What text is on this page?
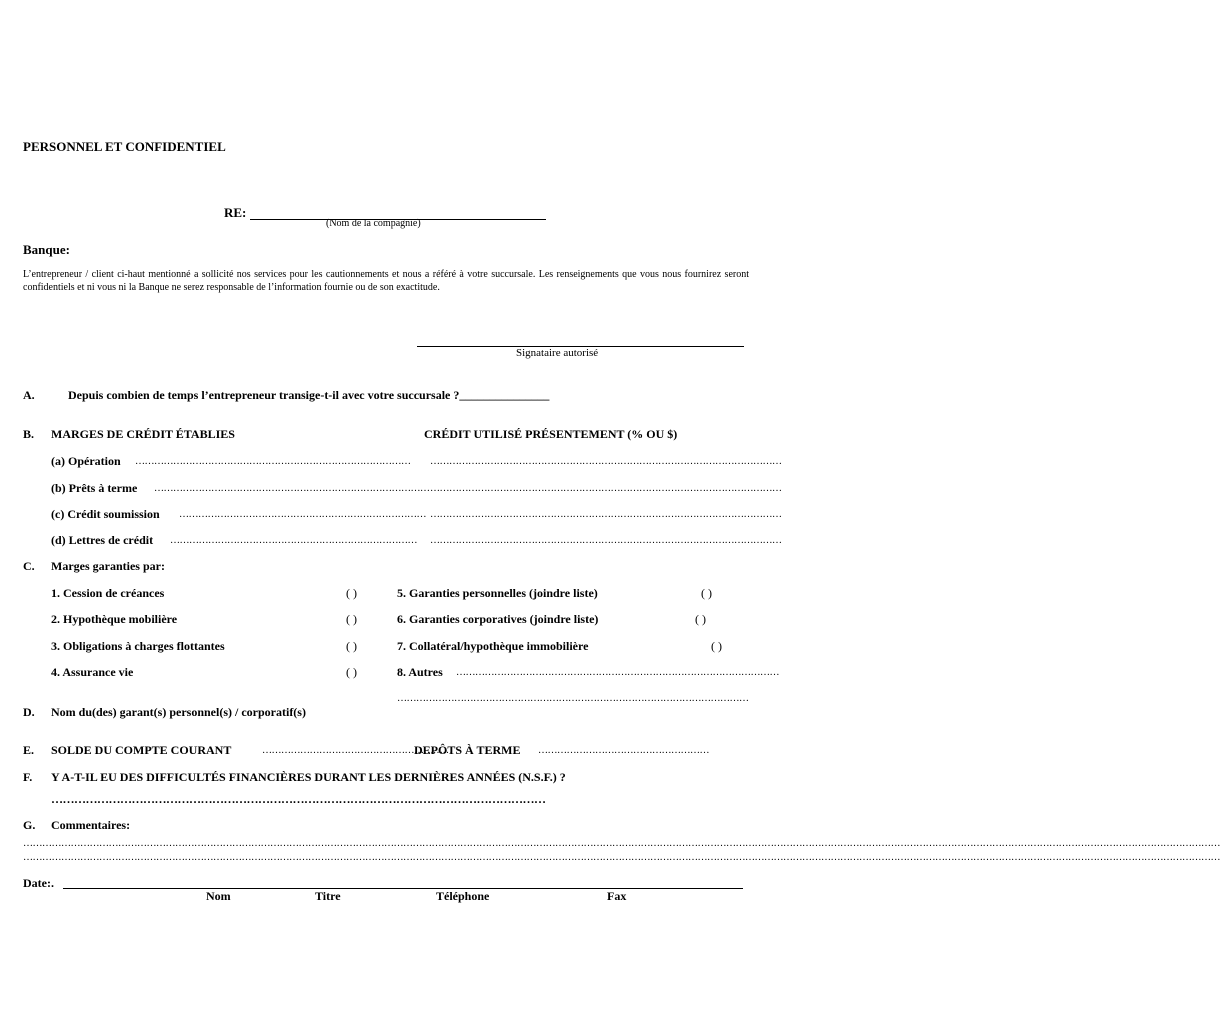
PERSONNEL ET CONFIDENTIEL
RE:
(Nom de la compagnie)
Banque:
L’entrepreneur / client ci-haut mentionné a sollicité nos services pour les cautionnements et nous a référé à votre succursale. Les renseignements que vous nous fournirez seront confidentiels et ni vous ni la Banque ne serez responsable de l’information fournie ou de son exactitude.
Signataire autorisé
A.	Depuis combien de temps l’entrepreneur transige-t-il avec votre succursale ?_______________
B. MARGES DE CRÉDIT ÉTABLIES	CRÉDIT UTILISÉ PRÉSENTEMENT (% OU $)
(a) Opération …………………………………………………………………………… …………………………………………………………………………………………………
(b) Prêts à terme …………………………………………………………………………… …………………………………………………………………………………………………
(c) Crédit soumission …………………………………………………………………… …………………………………………………………………………………………………
(d) Lettres de crédit …………………………………………………………………… …………………………………………………………………………………………………
C. Marges garanties par:
1. Cession de créances	( )
2. Hypothèque mobilière	( )
3. Obligations à charges flottantes	( )
4. Assurance vie	( )
5. Garanties personnelles (joindre liste)	( )
6. Garanties corporatives (joindre liste)	( )
7. Collatéral/hypothèque immobilière	( )
8. Autres …………………………………………………………………………………………
…………………………………………………………………………………………………
D. Nom du(des) garant(s) personnel(s) / corporatif(s)
E. SOLDE DU COMPTE COURANT	……………………………………………………
DEPÔTS À TERME ………………………………………………
F. Y A-T-IL EU DES DIFFICULTÉS FINANCIÈRES DURANT LES DERNIÈRES ANNÉES (N.S.F.) ?
…………………………………………………………………………………………………………………
G. Commentaires:
………………………………………………………………………………………………………………………………………………………………………………………………………………………………………………………………………………………………………………………………………………
………………………………………………………………………………………………………………………………………………………………………………………………………………………………………………………………………………………………………………………………………………
Date:.
Nom	Titre	Téléphone	Fax
